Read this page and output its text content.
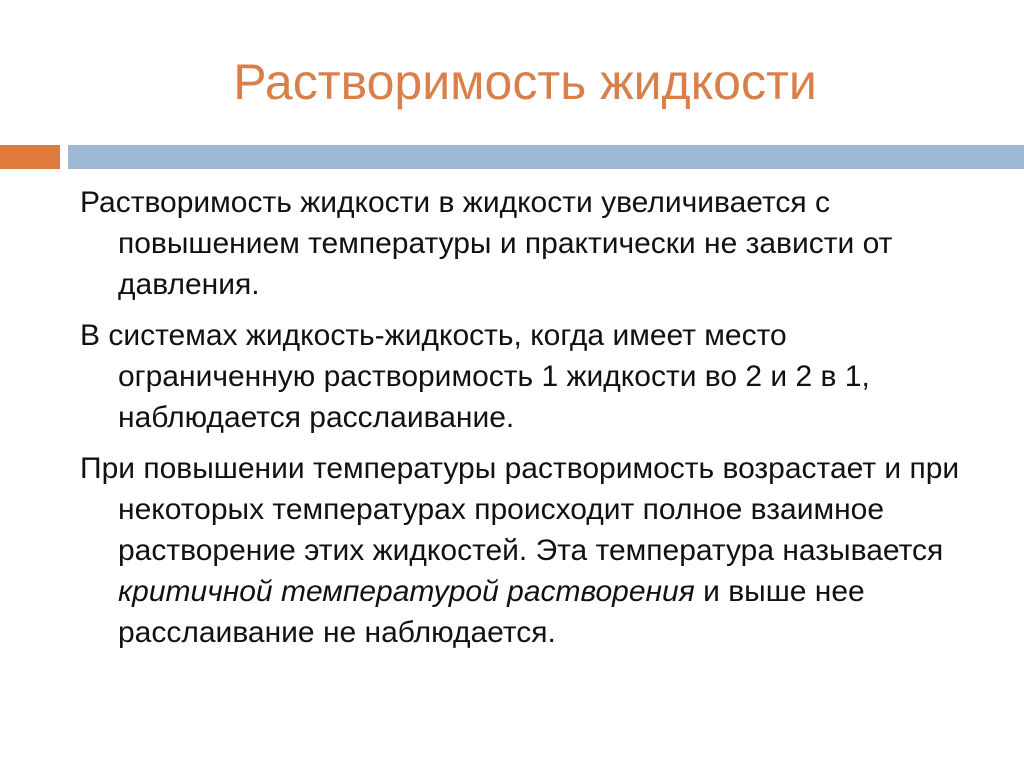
Растворимость жидкости

Растворимость жидкости в жидкости увеличивается с повышением температуры и практически не зависти от давления.

В системах жидкость-жидкость, когда имеет место ограниченную растворимость 1 жидкости во 2 и 2 в 1, наблюдается расслаивание.

При повышении температуры растворимость возрастает и при некоторых температурах происходит полное взаимное растворение этих жидкостей. Эта температура называется критичной температурой растворения и выше нее расслаивание не наблюдается.
